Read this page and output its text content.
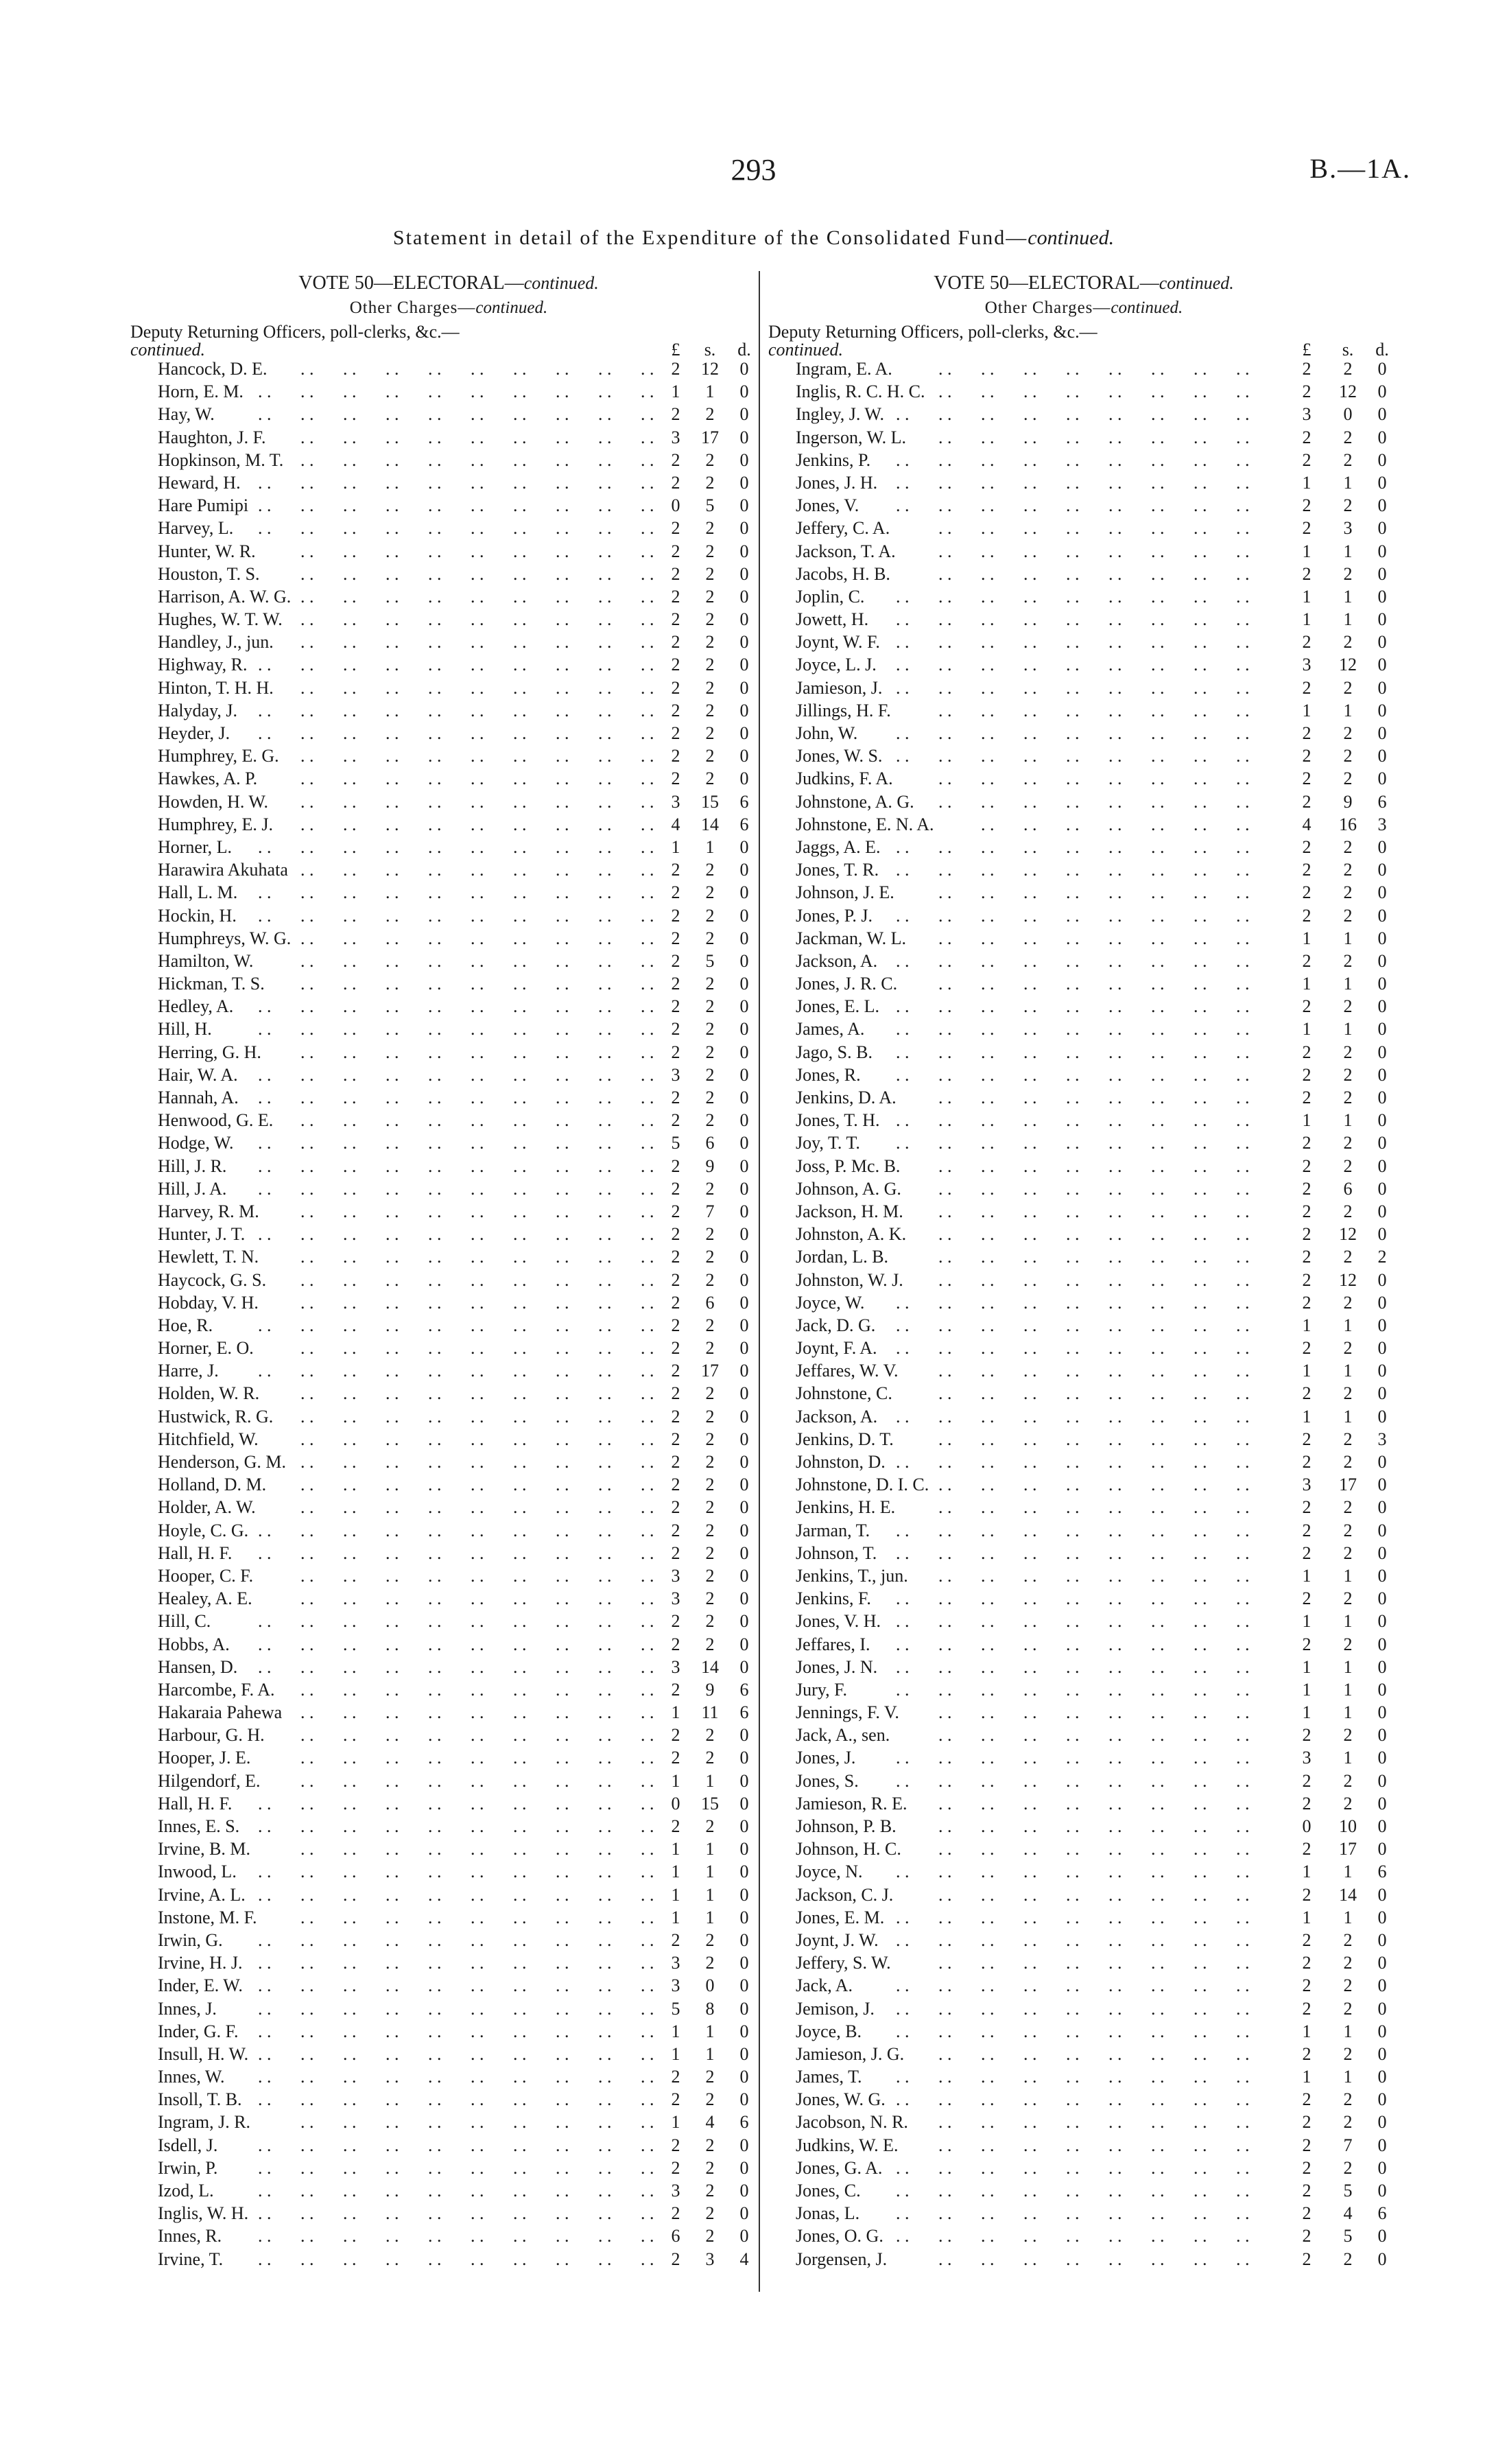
293	B.—1A.
Statement in detail of the Expenditure of the Consolidated Fund—continued.
VOTE 50—ELECTORAL—continued.
Other Charges—continued.
Deputy Returning Officers, poll-clerks, &c.—
continued.	£	s. d.
Hancock, D. E.	2	12	0
. . . . . . . . . . . . . . . . . .
Horn, E. M.	1	1	0
. . . . . . . . . . . . . . . . . . . .
Hay, W.	2	2	0
. . . . . . . . . . . . . . . . . . . .
Haughton, J. F.	3	17	0
. . . . . . . . . . . . . . . . . .
Hopkinson, M. T.	2	2	0
. . . . . . . . . . . . . . . . . .
Heward, H.	2	2	0
. . . . . . . . . . . . . . . . . . . .
Hare Pumipi	0	5	0
. . . . . . . . . . . . . . . . . . . .
Harvey, L.	2	2	0
. . . . . . . . . . . . . . . . . . . .
Hunter, W. R.	2	2	0
. . . . . . . . . . . . . . . . . .
Houston, T. S.	2	2	0
. . . . . . . . . . . . . . . . . .
Harrison, A. W. G.	2	2	0
. . . . . . . . . . . . . . . . . .
Hughes, W. T. W.	2	2	0
. . . . . . . . . . . . . . . . . .
Handley, J., jun.	2	2	0
. . . . . . . . . . . . . . . . . .
Highway, R.	2	2	0
. . . . . . . . . . . . . . . . . . . .
Hinton, T. H. H.	2	2	0
. . . . . . . . . . . . . . . . . .
Halyday, J.	2	2	0
. . . . . . . . . . . . . . . . . . . .
Heyder, J.	2	2	0
. . . . . . . . . . . . . . . . . . . .
Humphrey, E. G.	2	2	0
. . . . . . . . . . . . . . . . . .
Hawkes, A. P.	2	2	0
. . . . . . . . . . . . . . . . . .
Howden, H. W.	3	15	6
. . . . . . . . . . . . . . . . . .
Humphrey, E. J.	4	14	6
. . . . . . . . . . . . . . . . . .
Horner, L.	1	1	0
. . . . . . . . . . . . . . . . . . . .
Harawira Akuhata	2	2	0
. . . . . . . . . . . . . . . . . .
Hall, L. M.	2	2	0
. . . . . . . . . . . . . . . . . . . .
Hockin, H.	2	2	0
. . . . . . . . . . . . . . . . . . . .
Humphreys, W. G.	2	2	0
. . . . . . . . . . . . . . . . . .
Hamilton, W.	2	5	0
. . . . . . . . . . . . . . . . . .
Hickman, T. S.	2	2	0
. . . . . . . . . . . . . . . . . .
Hedley, A.	2	2	0
. . . . . . . . . . . . . . . . . . . .
Hill, H.	2	2	0
. . . . . . . . . . . . . . . . . . . .
Herring, G. H.	2	2	0
. . . . . . . . . . . . . . . . . .
Hair, W. A.	3	2	0
. . . . . . . . . . . . . . . . . . . .
Hannah, A.	2	2	0
. . . . . . . . . . . . . . . . . . . .
Henwood, G. E.	2	2	0
. . . . . . . . . . . . . . . . . .
Hodge, W.	5	6	0
. . . . . . . . . . . . . . . . . . . .
Hill, J. R.	2	9	0
. . . . . . . . . . . . . . . . . . . .
Hill, J. A.	2	2	0
. . . . . . . . . . . . . . . . . . . .
Harvey, R. M.	2	7	0
. . . . . . . . . . . . . . . . . .
Hunter, J. T.	2	2	0
. . . . . . . . . . . . . . . . . . . .
Hewlett, T. N.	2	2	0
. . . . . . . . . . . . . . . . . .
Haycock, G. S.	2	2	0
. . . . . . . . . . . . . . . . . .
Hobday, V. H.	2	6	0
. . . . . . . . . . . . . . . . . .
Hoe, R.	2	2	0
. . . . . . . . . . . . . . . . . . . .
Horner, E. O.	2	2	0
. . . . . . . . . . . . . . . . . .
Harre, J.	2	17	0
. . . . . . . . . . . . . . . . . . . .
Holden, W. R.	2	2	0
. . . . . . . . . . . . . . . . . .
Hustwick, R. G.	2	2	0
. . . . . . . . . . . . . . . . . .
Hitchfield, W.	2	2	0
. . . . . . . . . . . . . . . . . .
Henderson, G. M.	2	2	0
. . . . . . . . . . . . . . . . . .
Holland, D. M.	2	2	0
. . . . . . . . . . . . . . . . . .
Holder, A. W.	2	2	0
. . . . . . . . . . . . . . . . . .
Hoyle, C. G.	2	2	0
. . . . . . . . . . . . . . . . . . . .
Hall, H. F.	2	2	0
. . . . . . . . . . . . . . . . . . . .
Hooper, C. F.	3	2	0
. . . . . . . . . . . . . . . . . .
Healey, A. E.	3	2	0
. . . . . . . . . . . . . . . . . .
Hill, C.	2	2	0
. . . . . . . . . . . . . . . . . . . .
Hobbs, A.	2	2	0
. . . . . . . . . . . . . . . . . . . .
Hansen, D.	3	14	0
. . . . . . . . . . . . . . . . . . . .
Harcombe, F. A.	2	9	6
. . . . . . . . . . . . . . . . . .
Hakaraia Pahewa	1	11	6
. . . . . . . . . . . . . . . . . .
Harbour, G. H.	2	2	0
. . . . . . . . . . . . . . . . . .
Hooper, J. E.	2	2	0
. . . . . . . . . . . . . . . . . .
Hilgendorf, E.	1	1	0
. . . . . . . . . . . . . . . . . .
Hall, H. F.	0	15	0
. . . . . . . . . . . . . . . . . . . .
Innes, E. S.	2	2	0
. . . . . . . . . . . . . . . . . . . .
Irvine, B. M.	1	1	0
. . . . . . . . . . . . . . . . . .
Inwood, L.	1	1	0
. . . . . . . . . . . . . . . . . . . .
Irvine, A. L.	1	1	0
. . . . . . . . . . . . . . . . . . . .
Instone, M. F.	1	1	0
. . . . . . . . . . . . . . . . . .
Irwin, G.	2	2	0
. . . . . . . . . . . . . . . . . . . .
Irvine, H. J.	3	2	0
. . . . . . . . . . . . . . . . . . . .
Inder, E. W.	3	0	0
. . . . . . . . . . . . . . . . . . . .
Innes, J.	5	8	0
. . . . . . . . . . . . . . . . . . . .
Inder, G. F.	1	1	0
. . . . . . . . . . . . . . . . . . . .
Insull, H. W.	1	1	0
. . . . . . . . . . . . . . . . . . . .
Innes, W.	2	2	0
. . . . . . . . . . . . . . . . . . . .
Insoll, T. B.	2	2	0
. . . . . . . . . . . . . . . . . . . .
Ingram, J. R.	1	4	6
. . . . . . . . . . . . . . . . . .
Isdell, J.	2	2	0
. . . . . . . . . . . . . . . . . . . .
Irwin, P.	2	2	0
. . . . . . . . . . . . . . . . . . . .
Izod, L.	3	2	0
. . . . . . . . . . . . . . . . . . . .
Inglis, W. H.	2	2	0
. . . . . . . . . . . . . . . . . . . .
Innes, R.	6	2	0
. . . . . . . . . . . . . . . . . . . .
Irvine, T.	2	3	4
. . . . . . . . . . . . . . . . . . . .
VOTE 50—ELECTORAL—continued.
Other Charges—continued.
Deputy Returning Officers, poll-clerks, &c.—
continued.	£	s. d.
Ingram, E. A.	2	2	0
. . . . . . . . . . . . . . . .
Inglis, R. C. H. C.	2	12	0
. . . . . . . . . . . . . . . .
Ingley, J. W.	3	0	0
. . . . . . . . . . . . . . . . . .
Ingerson, W. L.	2	2	0
. . . . . . . . . . . . . . . .
Jenkins, P.	2	2	0
. . . . . . . . . . . . . . . . . .
Jones, J. H.	1	1	0
. . . . . . . . . . . . . . . . . .
Jones, V.	2	2	0
. . . . . . . . . . . . . . . . . .
Jeffery, C. A.	2	3	0
. . . . . . . . . . . . . . . .
Jackson, T. A.	1	1	0
. . . . . . . . . . . . . . . .
Jacobs, H. B.	2	2	0
. . . . . . . . . . . . . . . .
Joplin, C.	1	1	0
. . . . . . . . . . . . . . . . . .
Jowett, H.	1	1	0
. . . . . . . . . . . . . . . . . .
Joynt, W. F.	2	2	0
. . . . . . . . . . . . . . . . . .
Joyce, L. J.	3	12	0
. . . . . . . . . . . . . . . . . .
Jamieson, J.	2	2	0
. . . . . . . . . . . . . . . . . .
Jillings, H. F.	1	1	0
. . . . . . . . . . . . . . . .
John, W.	2	2	0
. . . . . . . . . . . . . . . . . .
Jones, W. S.	2	2	0
. . . . . . . . . . . . . . . . . .
Judkins, F. A.	2	2	0
. . . . . . . . . . . . . . . .
Johnstone, A. G.	2	9	6
. . . . . . . . . . . . . . . .
Johnstone, E. N. A.	4	16	3
. . . . . . . . . . . . . .
Jaggs, A. E.	2	2	0
. . . . . . . . . . . . . . . . . .
Jones, T. R.	2	2	0
. . . . . . . . . . . . . . . . . .
Johnson, J. E.	2	2	0
. . . . . . . . . . . . . . . .
Jones, P. J.	2	2	0
. . . . . . . . . . . . . . . . . .
Jackman, W. L.	1	1	0
. . . . . . . . . . . . . . . .
Jackson, A.	2	2	0
. . . . . . . . . . . . . . . . . .
Jones, J. R. C.	1	1	0
. . . . . . . . . . . . . . . .
Jones, E. L.	2	2	0
. . . . . . . . . . . . . . . . . .
James, A.	1	1	0
. . . . . . . . . . . . . . . . . .
Jago, S. B.	2	2	0
. . . . . . . . . . . . . . . . . .
Jones, R.	2	2	0
. . . . . . . . . . . . . . . . . .
Jenkins, D. A.	2	2	0
. . . . . . . . . . . . . . . .
Jones, T. H.	1	1	0
. . . . . . . . . . . . . . . . . .
Joy, T. T.	2	2	0
. . . . . . . . . . . . . . . . . .
Joss, P. Mc. B.	2	2	0
. . . . . . . . . . . . . . . .
Johnson, A. G.	2	6	0
. . . . . . . . . . . . . . . .
Jackson, H. M.	2	2	0
. . . . . . . . . . . . . . . .
Johnston, A. K.	2	12	0
. . . . . . . . . . . . . . . .
Jordan, L. B.	2	2	2
. . . . . . . . . . . . . . . .
Johnston, W. J.	2	12	0
. . . . . . . . . . . . . . . .
Joyce, W.	2	2	0
. . . . . . . . . . . . . . . . . .
Jack, D. G.	1	1	0
. . . . . . . . . . . . . . . . . .
Joynt, F. A.	2	2	0
. . . . . . . . . . . . . . . . . .
Jeffares, W. V.	1	1	0
. . . . . . . . . . . . . . . .
Johnstone, C.	2	2	0
. . . . . . . . . . . . . . . .
Jackson, A.	1	1	0
. . . . . . . . . . . . . . . . . .
Jenkins, D. T.	2	2	3
. . . . . . . . . . . . . . . .
Johnston, D.	2	2	0
. . . . . . . . . . . . . . . . . .
Johnstone, D. I. C.	3	17	0
. . . . . . . . . . . . . . . .
Jenkins, H. E.	2	2	0
. . . . . . . . . . . . . . . .
Jarman, T.	2	2	0
. . . . . . . . . . . . . . . . . .
Johnson, T.	2	2	0
. . . . . . . . . . . . . . . . . .
Jenkins, T., jun.	1	1	0
. . . . . . . . . . . . . . . .
Jenkins, F.	2	2	0
. . . . . . . . . . . . . . . . . .
Jones, V. H.	1	1	0
. . . . . . . . . . . . . . . . . .
Jeffares, I.	2	2	0
. . . . . . . . . . . . . . . . . .
Jones, J. N.	1	1	0
. . . . . . . . . . . . . . . . . .
Jury, F.	1	1	0
. . . . . . . . . . . . . . . . . .
Jennings, F. V.	1	1	0
. . . . . . . . . . . . . . . .
Jack, A., sen.	2	2	0
. . . . . . . . . . . . . . . .
Jones, J.	3	1	0
. . . . . . . . . . . . . . . . . .
Jones, S.	2	2	0
. . . . . . . . . . . . . . . . . .
Jamieson, R. E.	2	2	0
. . . . . . . . . . . . . . . .
Johnson, P. B.	0	10	0
. . . . . . . . . . . . . . . .
Johnson, H. C.	2	17	0
. . . . . . . . . . . . . . . .
Joyce, N.	1	1	6
. . . . . . . . . . . . . . . . . .
Jackson, C. J.	2	14	0
. . . . . . . . . . . . . . . .
Jones, E. M.	1	1	0
. . . . . . . . . . . . . . . . . .
Joynt, J. W.	2	2	0
. . . . . . . . . . . . . . . . . .
Jeffery, S. W.	2	2	0
. . . . . . . . . . . . . . . .
Jack, A.	2	2	0
. . . . . . . . . . . . . . . . . .
Jemison, J.	2	2	0
. . . . . . . . . . . . . . . . . .
Joyce, B.	1	1	0
. . . . . . . . . . . . . . . . . .
Jamieson, J. G.	2	2	0
. . . . . . . . . . . . . . . .
James, T.	1	1	0
. . . . . . . . . . . . . . . . . .
Jones, W. G.	2	2	0
. . . . . . . . . . . . . . . . . .
Jacobson, N. R.	2	2	0
. . . . . . . . . . . . . . . .
Judkins, W. E.	2	7	0
. . . . . . . . . . . . . . . .
Jones, G. A.	2	2	0
. . . . . . . . . . . . . . . . . .
Jones, C.	2	5	0
. . . . . . . . . . . . . . . . . .
Jonas, L.	2	4	6
. . . . . . . . . . . . . . . . . .
Jones, O. G.	2	5	0
. . . . . . . . . . . . . . . . . .
Jorgensen, J.	2	2	0
. . . . . . . . . . . . . . . .
